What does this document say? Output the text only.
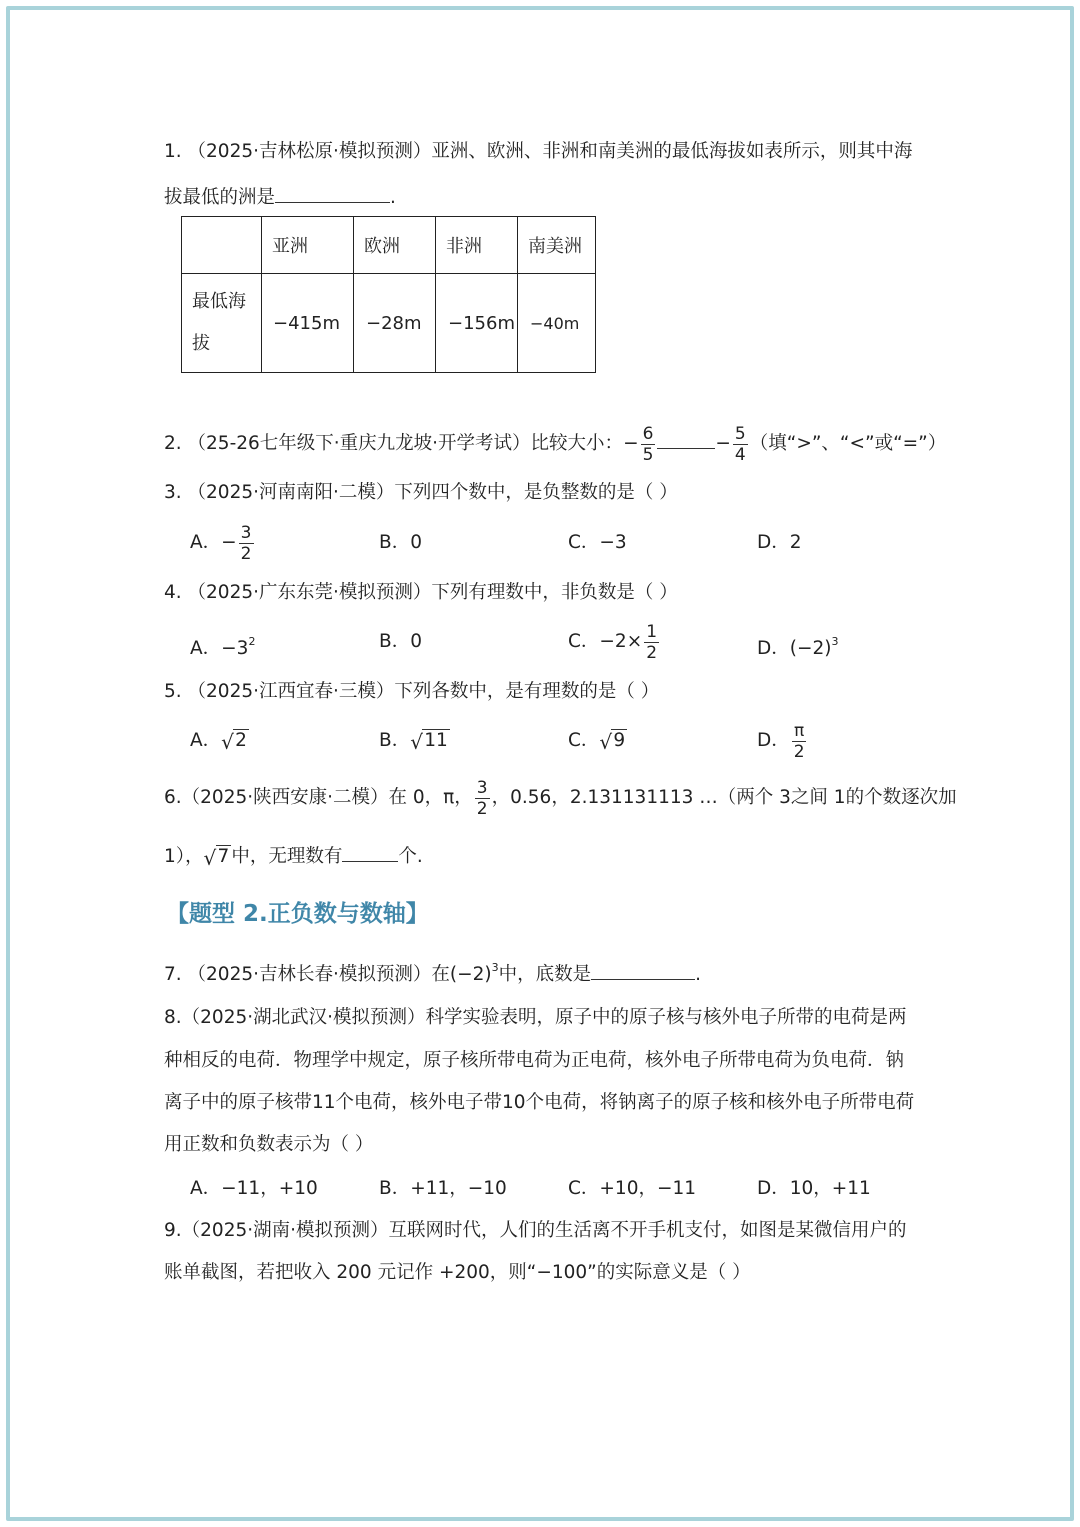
1. （2025·吉林松原·模拟预测）亚洲、欧洲、非洲和南美洲的最低海拔如表所示，则其中海
拔最低的洲是	.
	亚洲	欧洲	非洲	南美洲

最低海
拔	−415m	−28m	−156m	−40m
2. （25-26七年级下·重庆九龙坡·开学考试）比较大小：− $\frac{6}{5}$	− $\frac{5}{4}$ （填“>”、“<”或“=”）
3. （2025·河南南阳·二模）下列四个数中，是负整数的是（ ）
A．− $\frac{3}{2}$	B．0	C．−3	D．2
4. （2025·广东东莞·模拟预测）下列有理数中，非负数是（ ）
A．$-3^2$	B．0	C．$-2\times \frac{1}{2}$	D．$(-2)^3$
5. （2025·江西宜春·三模）下列各数中，是有理数的是（ ）
A． √ 2	B． √ 11	C． √ 9	D． $\frac{\pi}{2}$
6.（2025·陕西安康·二模）在 0，π， $\frac{3}{2}$ ，0.56，2.131131113 …（两个 3之间 1的个数逐次加
1）， √ 7 中，无理数有	个.
【题型 2.正负数与数轴】
7. （2025·吉林长春·模拟预测）在$(-2)^3$中，底数是	.
8.（2025·湖北武汉·模拟预测）科学实验表明，原子中的原子核与核外电子所带的电荷是两
种相反的电荷．物理学中规定，原子核所带电荷为正电荷，核外电子所带电荷为负电荷．钠
离子中的原子核带11个电荷，核外电子带10个电荷，将钠离子的原子核和核外电子所带电荷
用正数和负数表示为（ ）
A．−11，+10	B．+11，−10	C．+10，−11	D．10，+11
9.（2025·湖南·模拟预测）互联网时代，人们的生活离不开手机支付，如图是某微信用户的
账单截图，若把收入 200 元记作 +200，则“−100”的实际意义是（ ）
